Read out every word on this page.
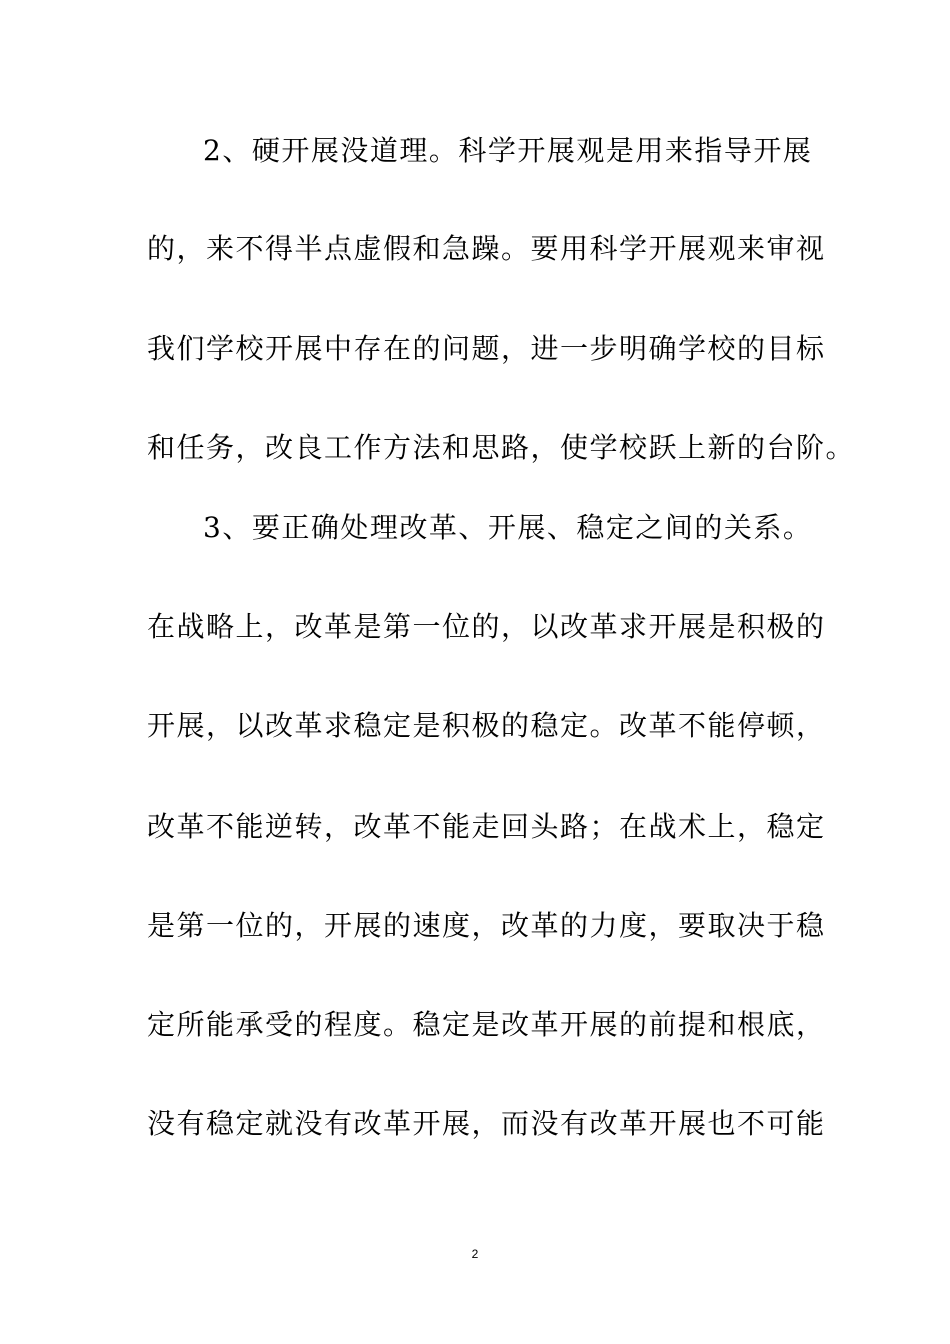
2、硬开展没道理。科学开展观是用来指导开展
的，来不得半点虚假和急躁。要用科学开展观来审视
我们学校开展中存在的问题，进一步明确学校的目标
和任务，改良工作方法和思路，使学校跃上新的台阶。
3、要正确处理改革、开展、稳定之间的关系。
在战略上，改革是第一位的，以改革求开展是积极的
开展，以改革求稳定是积极的稳定。改革不能停顿，
改革不能逆转，改革不能走回头路；在战术上，稳定
是第一位的，开展的速度，改革的力度，要取决于稳
定所能承受的程度。稳定是改革开展的前提和根底，
没有稳定就没有改革开展，而没有改革开展也不可能
2
